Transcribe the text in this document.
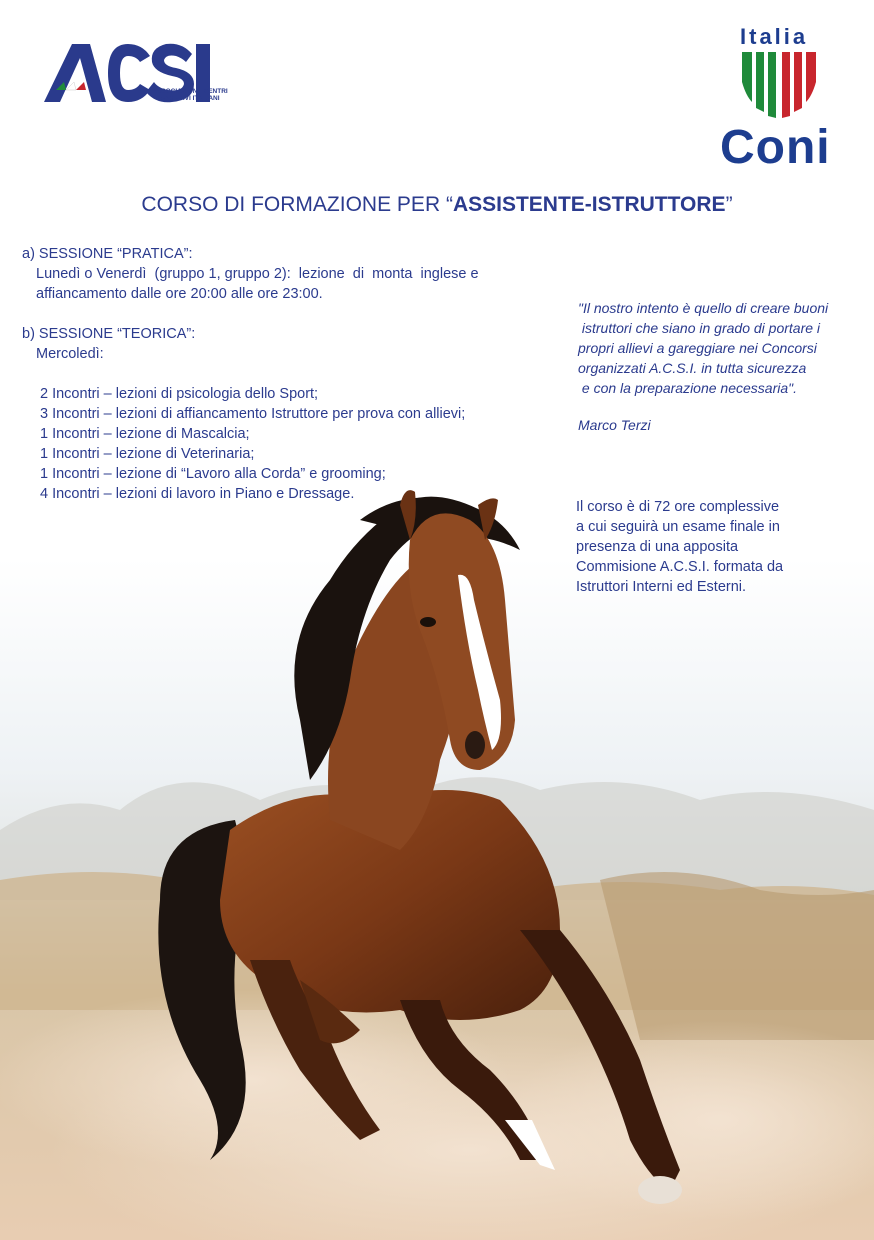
ASSOCIAZIONE CENTRI SPORTIVI ITALIANI
Italia
Coni
CORSO DI FORMAZIONE PER “ASSISTENTE-ISTRUTTORE”
a) SESSIONE “PRATICA”:
Lunedì o Venerdì  (gruppo 1, gruppo 2):  lezione  di  monta  inglese e
affiancamento dalle ore 20:00 alle ore 23:00.
b) SESSIONE “TEORICA”:
Mercoledì:
2 Incontri – lezioni di psicologia dello Sport;
3 Incontri – lezioni di affiancamento Istruttore per prova con allievi;
1 Incontri – lezione di Mascalcia;
1 Incontri – lezione di Veterinaria;
1 Incontri – lezione di “Lavoro alla Corda” e grooming;
4 Incontri – lezioni di lavoro in Piano e Dressage.
"Il nostro intento è quello di creare buoni
istruttori che siano in grado di portare i
propri allievi a gareggiare nei Concorsi
organizzati A.C.S.I. in tutta sicurezza
e con la preparazione necessaria".
Marco Terzi
Il corso è di 72 ore complessive
a cui seguirà un esame finale in
presenza di una apposita
Commisione A.C.S.I. formata da
Istruttori Interni ed Esterni.
